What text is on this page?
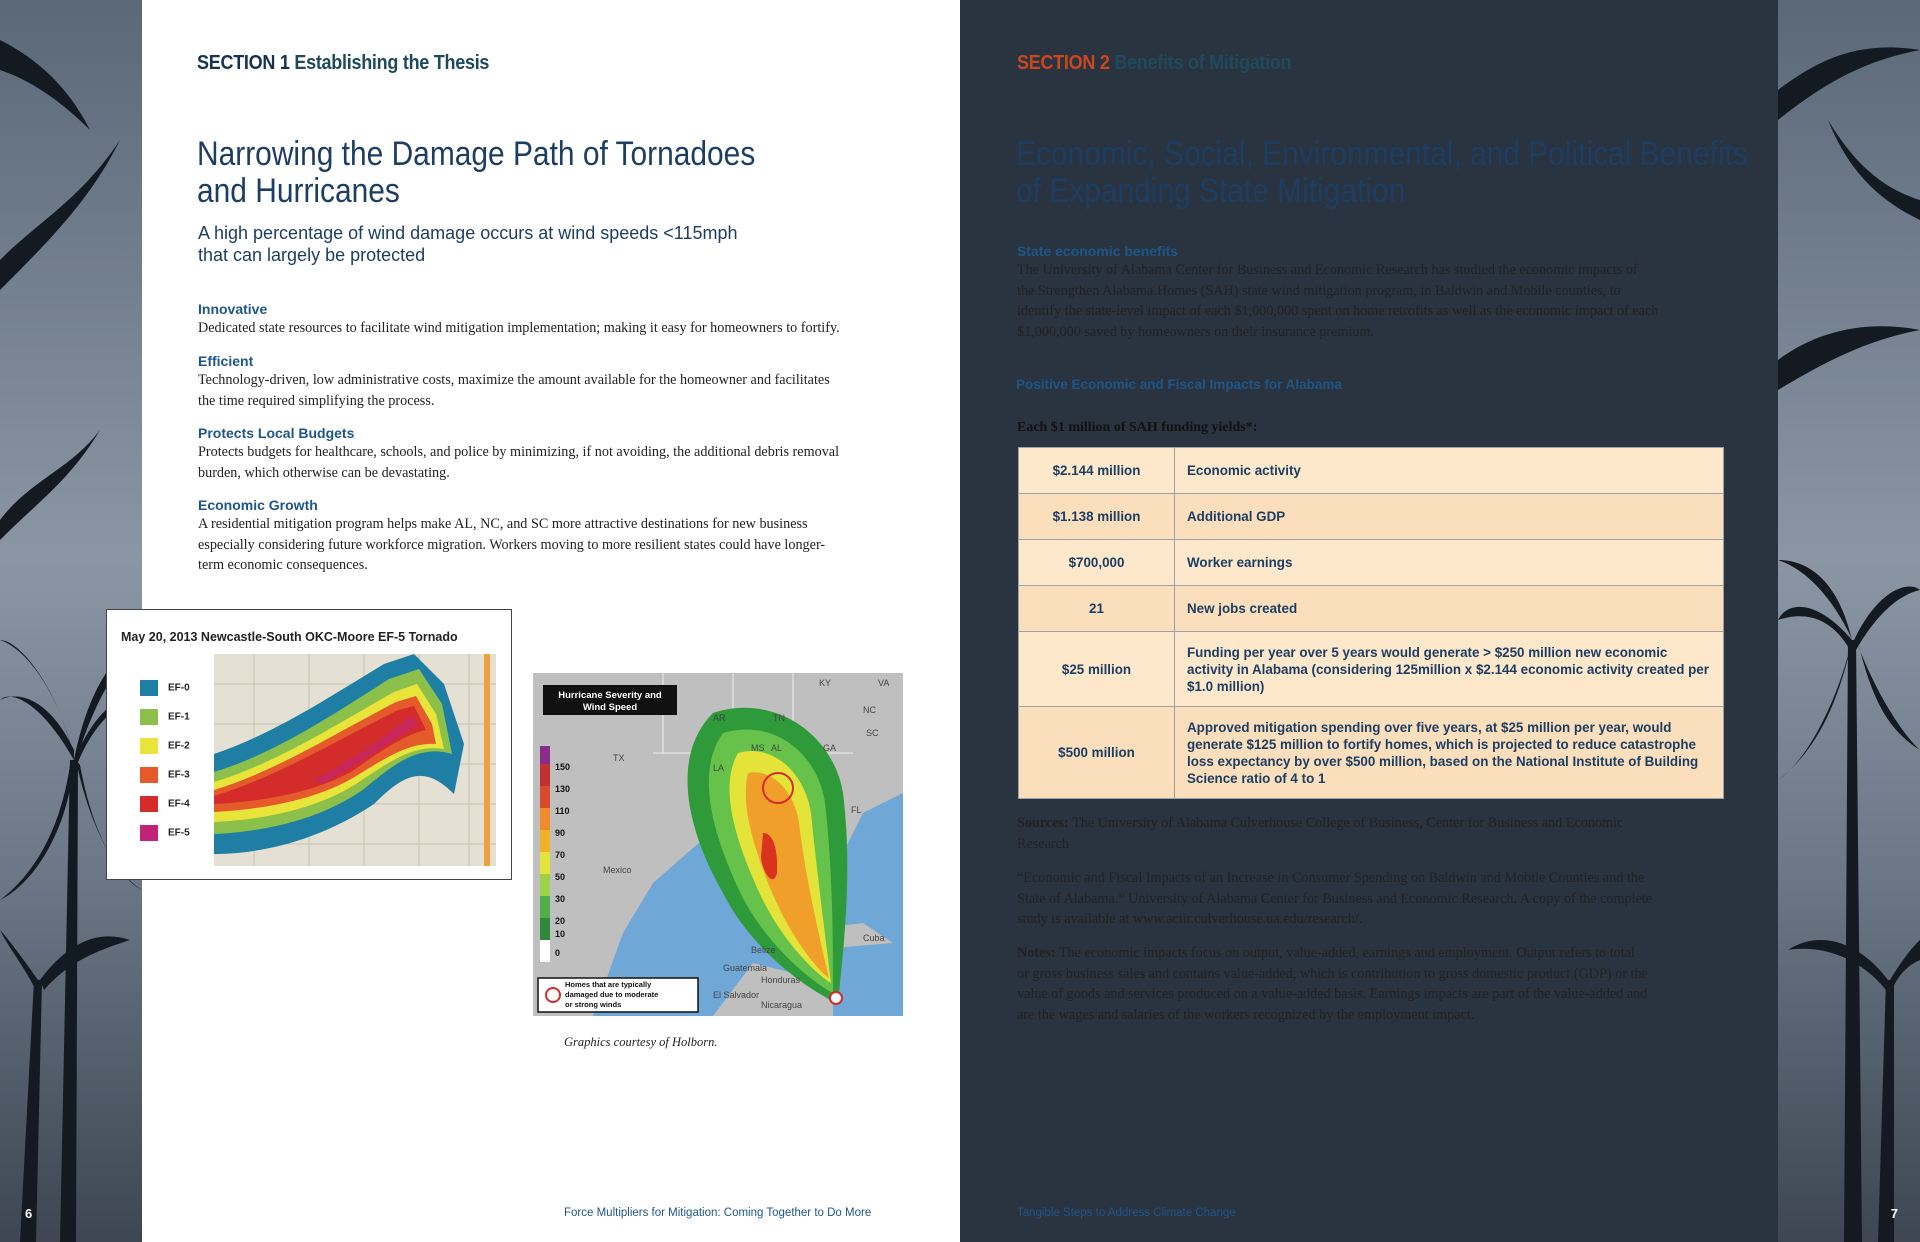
7
6
SECTION 1 Establishing the Thesis
Narrowing the Damage Path of Tornadoes
and Hurricanes
A high percentage of wind damage occurs at wind speeds <115mph
that can largely be protected
Innovative
Dedicated state resources to facilitate wind mitigation implementation; making it easy for homeowners to fortify.
Efficient
Technology-driven, low administrative costs, maximize the amount available for the homeowner and facilitates
the time required simplifying the process.
Protects Local Budgets
Protects budgets for healthcare, schools, and police by minimizing, if not avoiding, the additional debris removal
burden, which otherwise can be devastating.
Economic Growth
A residential mitigation program helps make AL, NC, and SC more attractive destinations for new business
especially considering future workforce migration. Workers moving to more resilient states could have longer-
term economic consequences.
Graphics courtesy of Holborn.
Force Multipliers for Mitigation: Coming Together to Do More
May 20, 2013 Newcastle-South OKC-Moore EF-5 Tornado
EF-0
EF-1
EF-2
EF-3
EF-4
EF-5
KY	VA
AR	TN
NC
SC
MS AL	GA
LA
TX
FL
Mexico
Cuba
Belize
Guatemala
Honduras
El Salvador
Nicaragua
Hurricane Severity and
Wind Speed
150
130
110
90
70
50
30
20
10
0
Homes that are typically
damaged due to moderate
or strong winds
SECTION 2 Benefits of Mitigation
Economic, Social, Environmental, and Political Benefits
of Expanding State Mitigation
State economic benefits
The University of Alabama Center for Business and Economic Research has studied the economic impacts of
the Strengthen Alabama Homes (SAH) state wind mitigation program, in Baldwin and Mobile counties, to
identify the state-level impact of each $1,000,000 spent on home retrofits as well as the economic impact of each
$1,000,000 saved by homeowners on their insurance premium.
Positive Economic and Fiscal Impacts for Alabama
Each $1 million of SAH funding yields*:
$2.144 million	Economic activity
$1.138 million	Additional GDP
$700,000	Worker earnings
21	New jobs created
$25 million	Funding per year over 5 years would generate > $250 million new economic activity in Alabama (considering 125million x $2.144 economic activity created per $1.0 million)
$500 million	Approved mitigation spending over five years, at $25 million per year, would generate $125 million to fortify homes, which is projected to reduce catastrophe loss expectancy by over $500 million, based on the National Institute of Building Science ratio of 4 to 1
Sources: The University of Alabama Culverhouse College of Business, Center for Business and Economic
Research
“Economic and Fiscal Impacts of an Increase in Consumer Spending on Baldwin and Mobile Counties and the
State of Alabama.” University of Alabama Center for Business and Economic Research. A copy of the complete
study is available at www.aciir.culverhouse.ua.edu/research/.
Notes: The economic impacts focus on output, value-added, earnings and employment. Output refers to total
or gross business sales and contains value-added, which is contribution to gross domestic product (GDP) or the
value of goods and services produced on a value-added basis. Earnings impacts are part of the value-added and
are the wages and salaries of the workers recognized by the employment impact.
Tangible Steps to Address Climate Change
